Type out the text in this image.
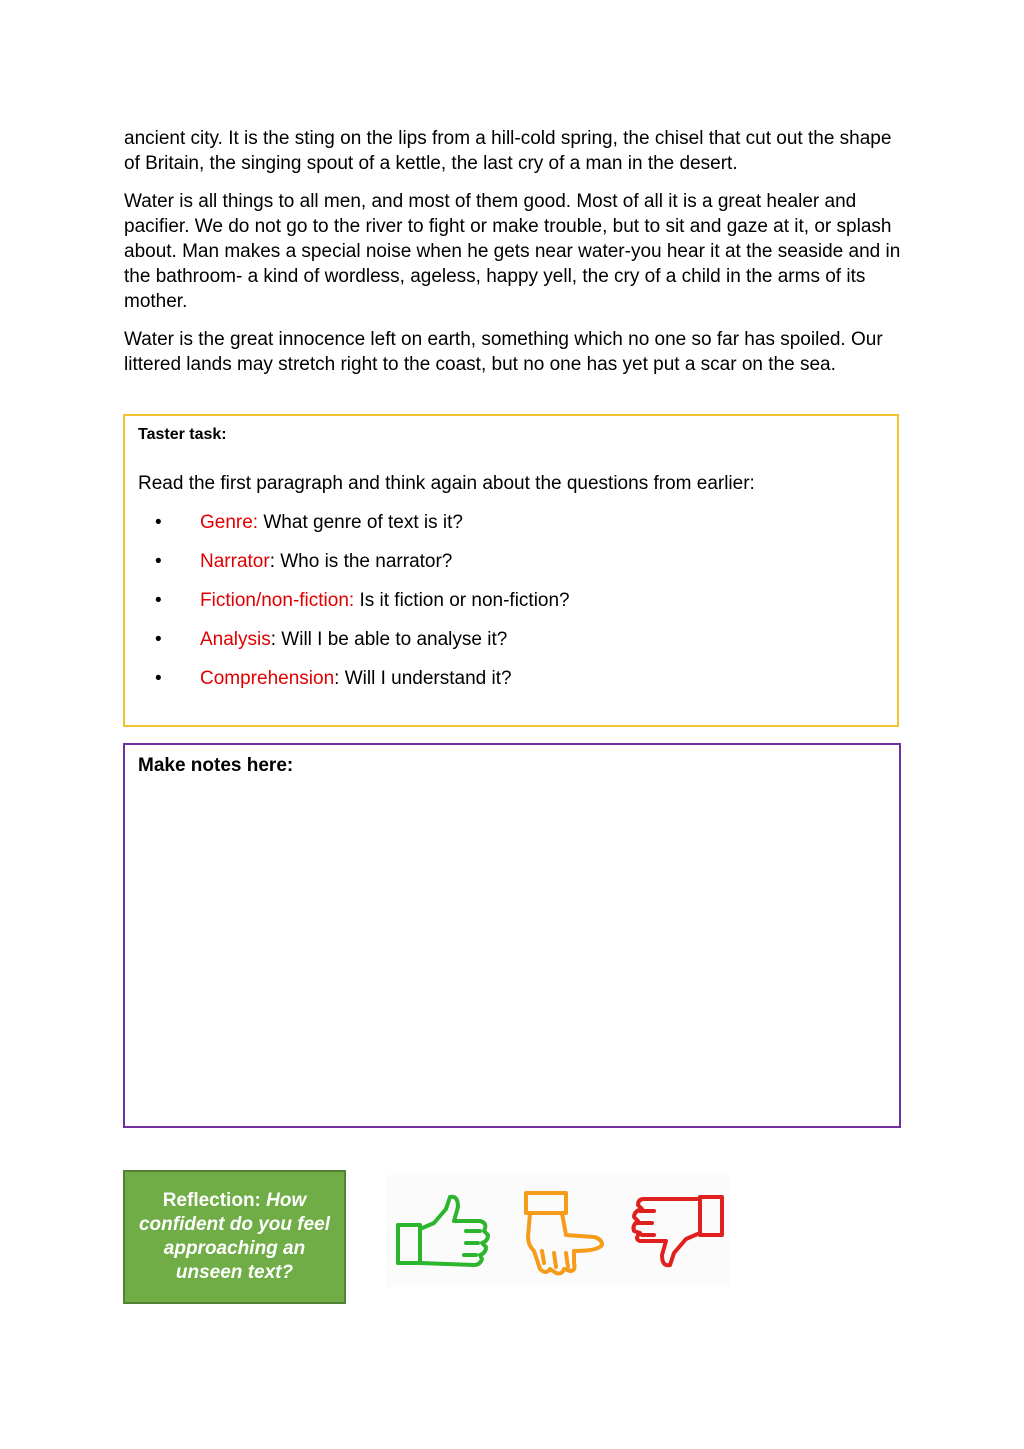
ancient city. It is the sting on the lips from a hill-cold spring, the chisel that cut out the shape of Britain, the singing spout of a kettle, the last cry of a man in the desert.

Water is all things to all men, and most of them good. Most of all it is a great healer and pacifier. We do not go to the river to fight or make trouble, but to sit and gaze at it, or splash about. Man makes a special noise when he gets near water-you hear it at the seaside and in the bathroom- a kind of wordless, ageless, happy yell, the cry of a child in the arms of its mother.

Water is the great innocence left on earth, something which no one so far has spoiled. Our littered lands may stretch right to the coast, but no one has yet put a scar on the sea.

Taster task:
Read the first paragraph and think again about the questions from earlier:
• Genre: What genre of text is it?
• Narrator: Who is the narrator?
• Fiction/non-fiction: Is it fiction or non-fiction?
• Analysis: Will I be able to analyse it?
• Comprehension: Will I understand it?
Make notes here:
Reflection: How confident do you feel approaching an unseen text?
